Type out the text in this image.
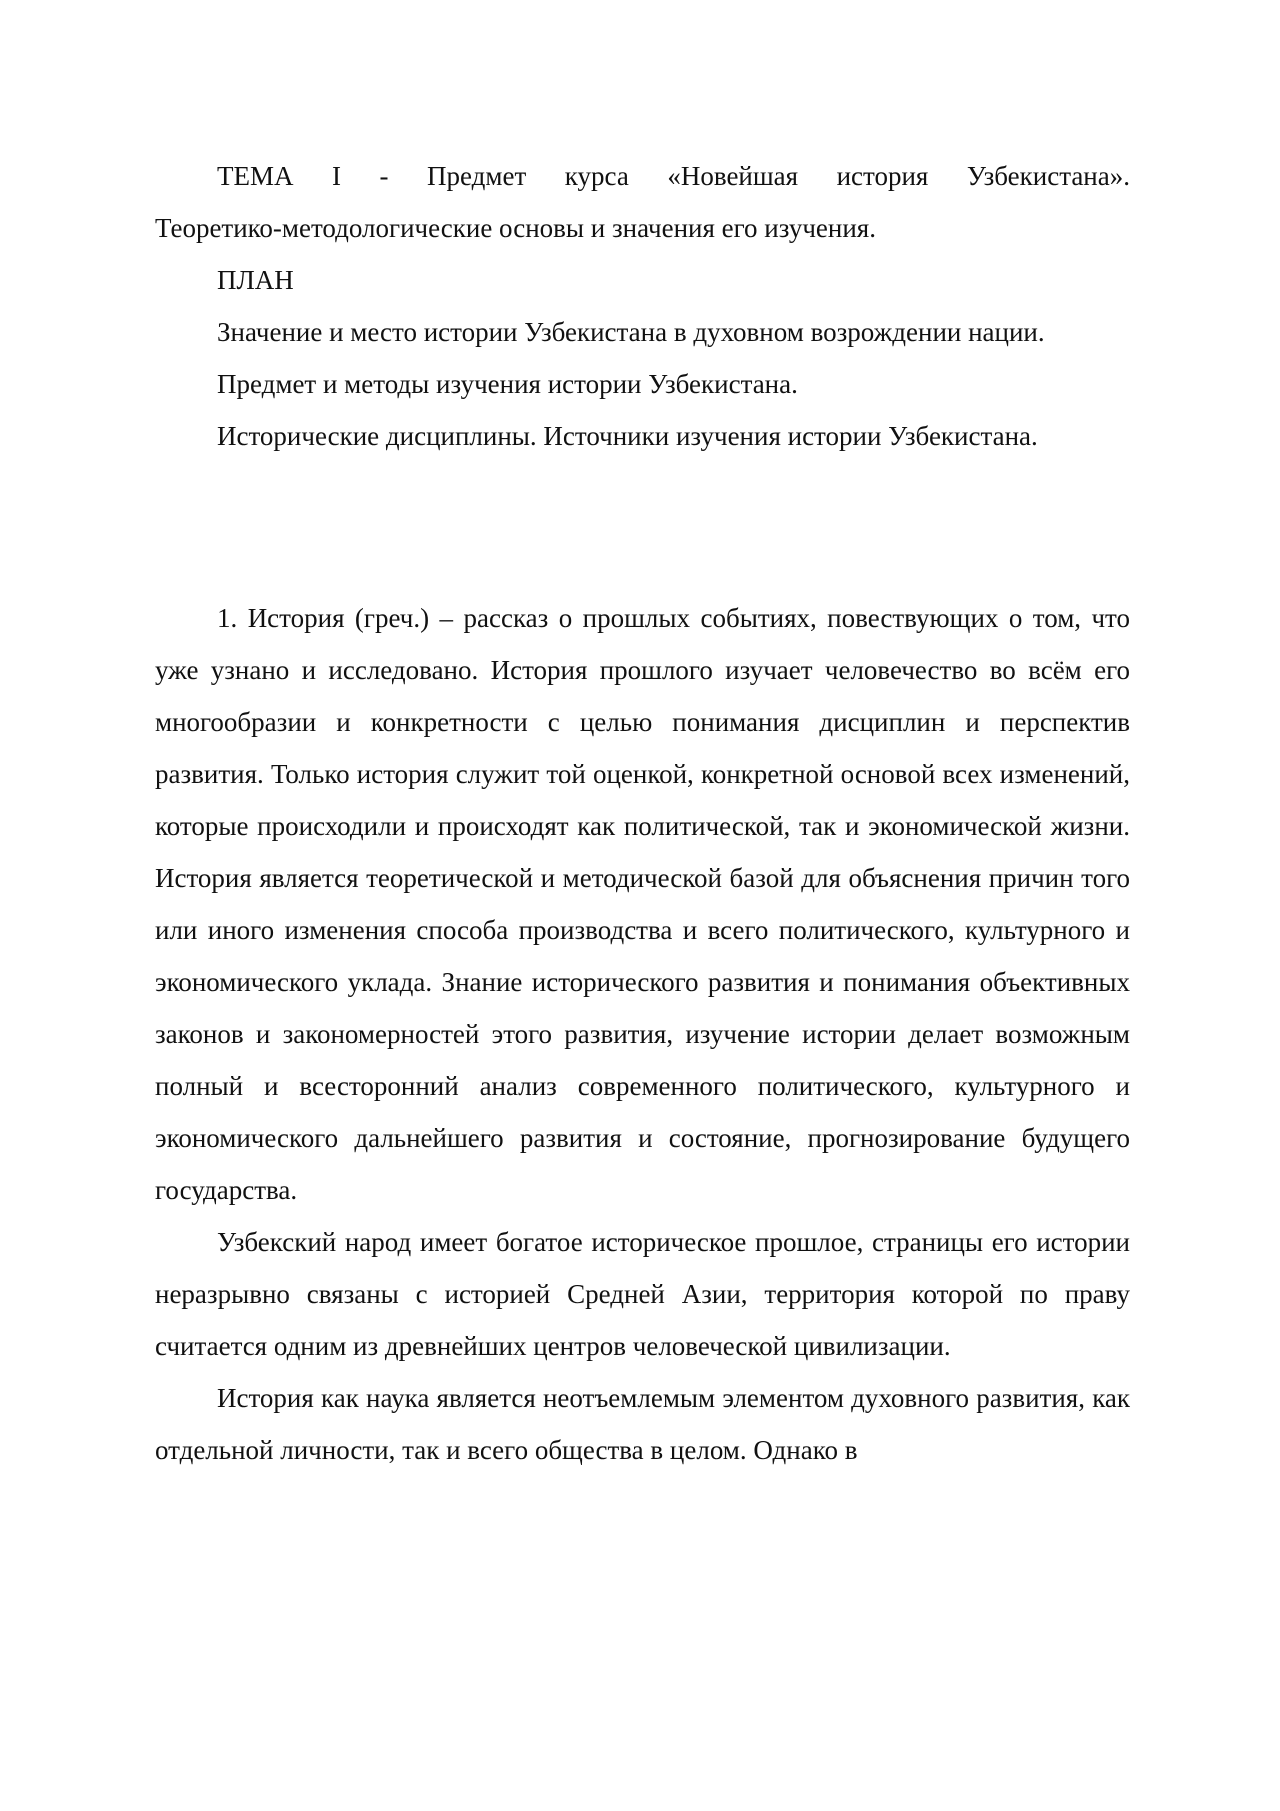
ТЕМА I - Предмет курса «Новейшая история Узбекистана».

Теоретико-методологические основы и значения его изучения.

ПЛАН

Значение и место истории Узбекистана в духовном возрождении нации.

Предмет и методы изучения истории Узбекистана.

Исторические дисциплины. Источники изучения истории Узбекистана.

1. История (греч.) – рассказ о прошлых событиях, повествующих о том, что уже узнано и исследовано. История прошлого изучает человечество во всём его многообразии и конкретности с целью понимания дисциплин и перспектив развития. Только история служит той оценкой, конкретной основой всех изменений, которые происходили и происходят как политической, так и экономической жизни. История является теоретической и методической базой для объяснения причин того или иного изменения способа производства и всего политического, культурного и экономического уклада. Знание исторического развития и понимания объективных законов и закономерностей этого развития, изучение истории делает возможным полный и всесторонний анализ современного политического, культурного и экономического дальнейшего развития и состояние, прогнозирование будущего государства.

Узбекский народ имеет богатое историческое прошлое, страницы его истории неразрывно связаны с историей Средней Азии, территория которой по праву считается одним из древнейших центров человеческой цивилизации.

История как наука является неотъемлемым элементом духовного развития, как отдельной личности, так и всего общества в целом. Однако в
